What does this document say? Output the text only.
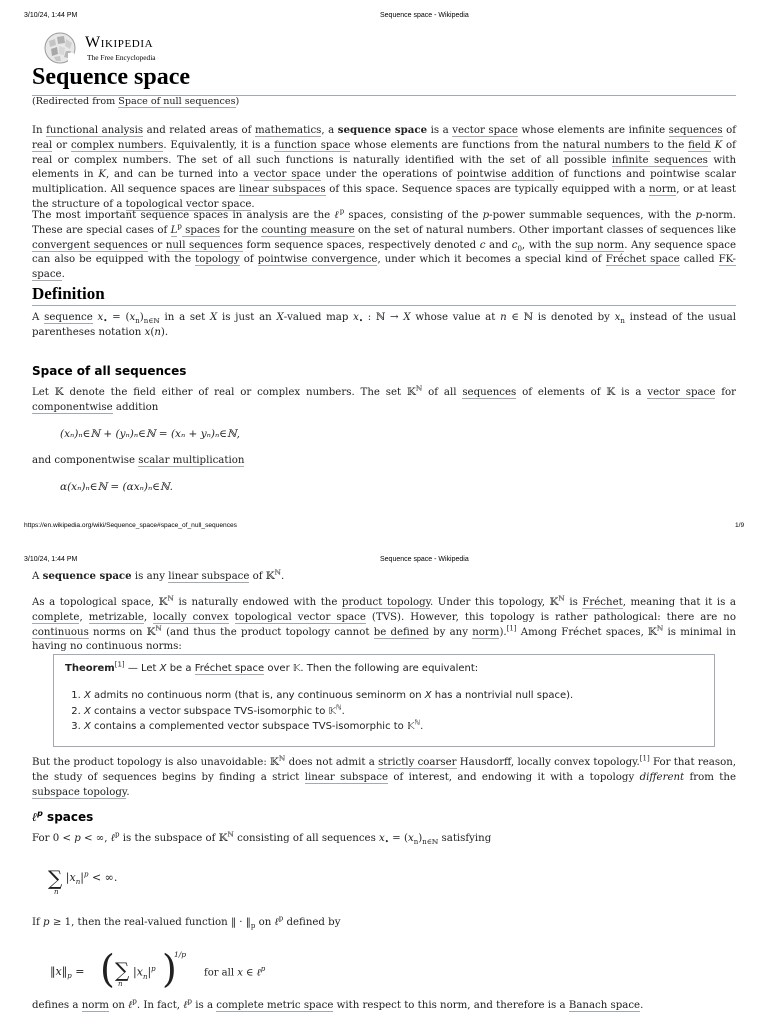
3/10/24, 1:44 PM	Sequence space - Wikipedia
Wikipedia
The Free Encyclopedia
Sequence space
(Redirected from Space of null sequences)
In functional analysis and related areas of mathematics, a sequence space is a vector space whose elements are infinite sequences of real or complex numbers. Equivalently, it is a function space whose elements are functions from the natural numbers to the field K of real or complex numbers. The set of all such functions is naturally identified with the set of all possible infinite sequences with elements in K, and can be turned into a vector space under the operations of pointwise addition of functions and pointwise scalar multiplication. All sequence spaces are linear subspaces of this space. Sequence spaces are typically equipped with a norm, or at least the structure of a topological vector space.
The most important sequence spaces in analysis are the ℓ$^p$ spaces, consisting of the p-power summable sequences, with the p-norm. These are special cases of $L^p$ spaces for the counting measure on the set of natural numbers. Other important classes of sequences like convergent sequences or null sequences form sequence spaces, respectively denoted c and $c_0$, with the sup norm. Any sequence space can also be equipped with the topology of pointwise convergence, under which it becomes a special kind of Fréchet space called FK-space.
Definition
A sequence $x_• = (x_n)_{n\in ℕ}$ in a set X is just an X-valued map $x_•$ : ℕ → X whose value at n ∈ ℕ is denoted by $x_n$ instead of the usual parentheses notation x(n).
Space of all sequences
Let 𝕂 denote the field either of real or complex numbers. The set 𝕂$^ℕ$ of all sequences of elements of 𝕂 is a vector space for componentwise addition
(xₙ)ₙ∈ℕ + (yₙ)ₙ∈ℕ = (xₙ + yₙ)ₙ∈ℕ,
and componentwise scalar multiplication
α(xₙ)ₙ∈ℕ = (αxₙ)ₙ∈ℕ.
https://en.wikipedia.org/wiki/Sequence_space#space_of_null_sequences	1/9
3/10/24, 1:44 PM	Sequence space - Wikipedia
A sequence space is any linear subspace of 𝕂$^ℕ$.
As a topological space, 𝕂$^ℕ$ is naturally endowed with the product topology. Under this topology, 𝕂$^ℕ$ is Fréchet, meaning that it is a complete, metrizable, locally convex topological vector space (TVS). However, this topology is rather pathological: there are no continuous norms on 𝕂$^ℕ$ (and thus the product topology cannot be defined by any norm).[1] Among Fréchet spaces, 𝕂$^ℕ$ is minimal in having no continuous norms:
Theorem[1] — Let X be a Fréchet space over 𝕂. Then the following are equivalent:
1. X admits no continuous norm (that is, any continuous seminorm on X has a nontrivial null space).
2. X contains a vector subspace TVS-isomorphic to 𝕂$^ℕ$.
3. X contains a complemented vector subspace TVS-isomorphic to 𝕂$^ℕ$.
But the product topology is also unavoidable: 𝕂$^ℕ$ does not admit a strictly coarser Hausdorff, locally convex topology.[1] For that reason, the study of sequences begins by finding a strict linear subspace of interest, and endowing it with a topology different from the subspace topology.
ℓ$^p$ spaces
For 0 < p < ∞, ℓ$^p$ is the subspace of 𝕂$^ℕ$ consisting of all sequences $x_• = (x_n)_{n\in ℕ}$ satisfying
∑ $|x_n|^p$ < ∞.
n
If p ≥ 1, then the real-valued function ‖ · $‖_p$ on ℓ$^p$ defined by
$‖x‖_p$ = ( ∑
n
$|x_n|^p$ )
1/p
for all x ∈ ℓ$^p$
defines a norm on ℓ$^p$. In fact, ℓ$^p$ is a complete metric space with respect to this norm, and therefore is a Banach space.
